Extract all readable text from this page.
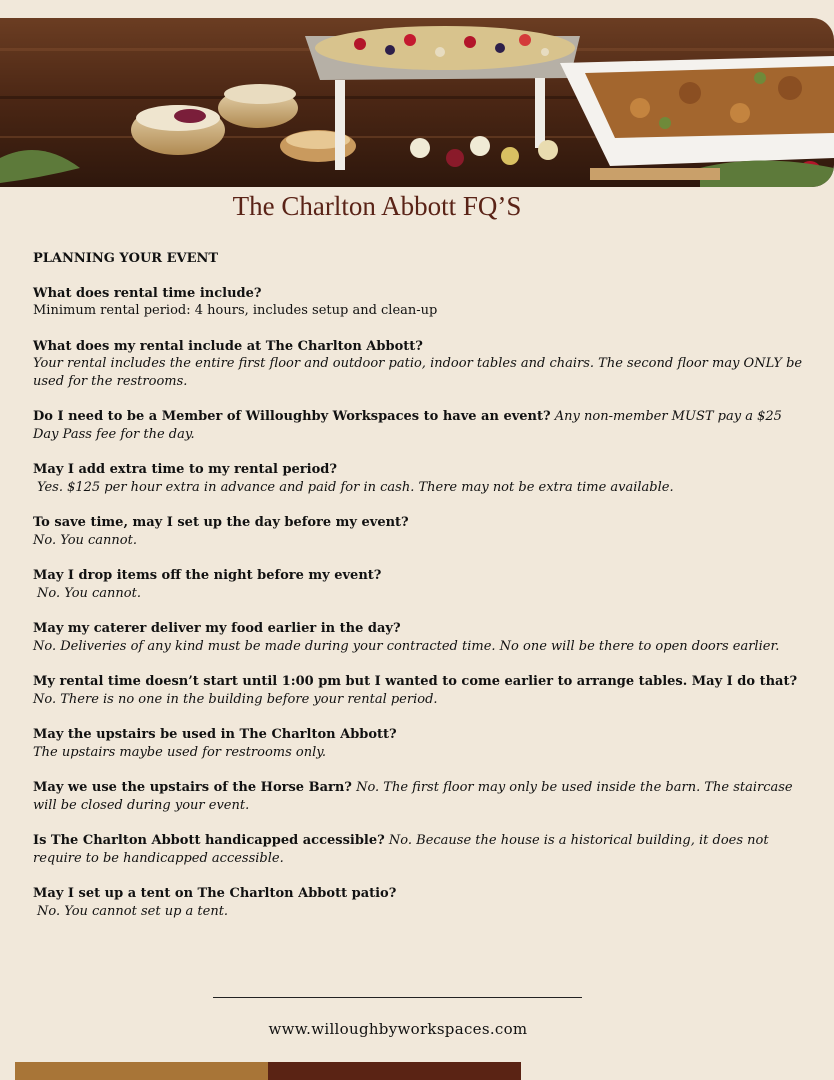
The Charlton Abbott FQ’S
PLANNING YOUR EVENT
What does rental time include?
Minimum rental period: 4 hours, includes setup and clean-up
What does my rental include at The Charlton Abbott?
Your rental includes the entire first floor and outdoor patio, indoor tables and chairs. The second floor may ONLY be used for the restrooms.
Do I need to be a Member of Willoughby Workspaces to have an event? Any non-member MUST pay a $25 Day Pass fee for the day.
May I add extra time to my rental period?
Yes. $125 per hour extra in advance and paid for in cash. There may not be extra time available.
To save time, may I set up the day before my event?
No. You cannot.
May I drop items off the night before my event?
No. You cannot.
May my caterer deliver my food earlier in the day?
No. Deliveries of any kind must be made during your contracted time. No one will be there to open doors earlier.
My rental time doesn’t start until 1:00 pm but I wanted to come earlier to arrange tables. May I do that?
No. There is no one in the building before your rental period.
May the upstairs be used in The Charlton Abbott?
The upstairs maybe used for restrooms only.
May we use the upstairs of the Horse Barn? No. The first floor may only be used inside the barn. The staircase will be closed during your event.
Is The Charlton Abbott handicapped accessible? No. Because the house is a historical building, it does not require to be handicapped accessible.
May I set up a tent on The Charlton Abbott patio?
No. You cannot set up a tent.
www.willoughbyworkspaces.com
